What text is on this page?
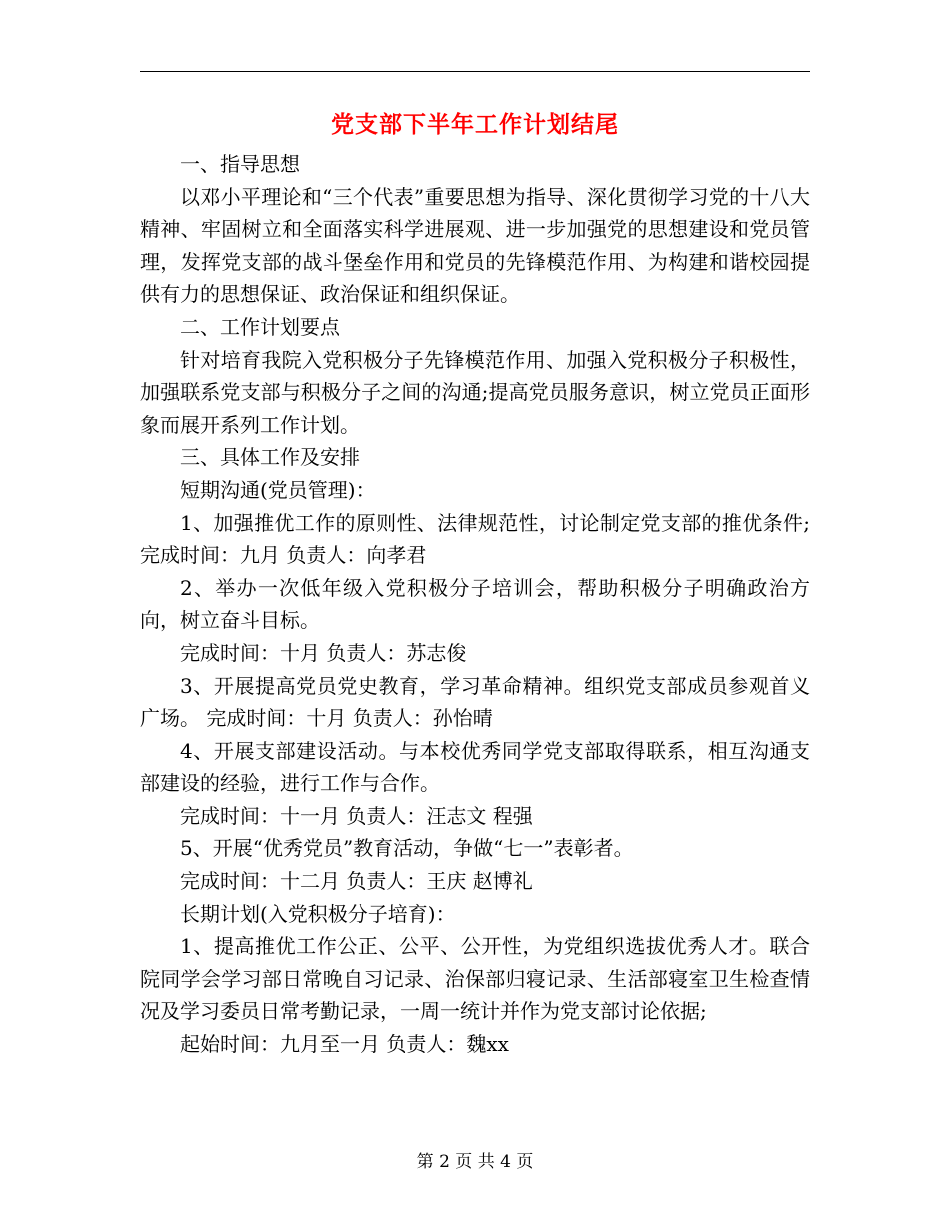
党支部下半年工作计划结尾

一、指导思想

以邓小平理论和“三个代表”重要思想为指导、深化贯彻学习党的十八大精神、牢固树立和全面落实科学进展观、进一步加强党的思想建设和党员管理，发挥党支部的战斗堡垒作用和党员的先锋模范作用、为构建和谐校园提供有力的思想保证、政治保证和组织保证。

二、工作计划要点

针对培育我院入党积极分子先锋模范作用、加强入党积极分子积极性，加强联系党支部与积极分子之间的沟通;提高党员服务意识，树立党员正面形象而展开系列工作计划。

三、具体工作及安排

短期沟通(党员管理)：

1、加强推优工作的原则性、法律规范性，讨论制定党支部的推优条件; 完成时间：九月 负责人：向孝君

2、举办一次低年级入党积极分子培训会，帮助积极分子明确政治方向，树立奋斗目标。

完成时间：十月 负责人：苏志俊

3、开展提高党员党史教育，学习革命精神。组织党支部成员参观首义广场。 完成时间：十月 负责人：孙怡晴

4、开展支部建设活动。与本校优秀同学党支部取得联系，相互沟通支部建设的经验，进行工作与合作。

完成时间：十一月 负责人：汪志文 程强

5、开展“优秀党员”教育活动，争做“七一”表彰者。

完成时间：十二月 负责人：王庆 赵博礼

长期计划(入党积极分子培育)：

1、提高推优工作公正、公平、公开性，为党组织选拔优秀人才。联合院同学会学习部日常晚自习记录、治保部归寝记录、生活部寝室卫生检查情况及学习委员日常考勤记录，一周一统计并作为党支部讨论依据;

起始时间：九月至一月 负责人：魏xx

第 2 页 共 4 页
